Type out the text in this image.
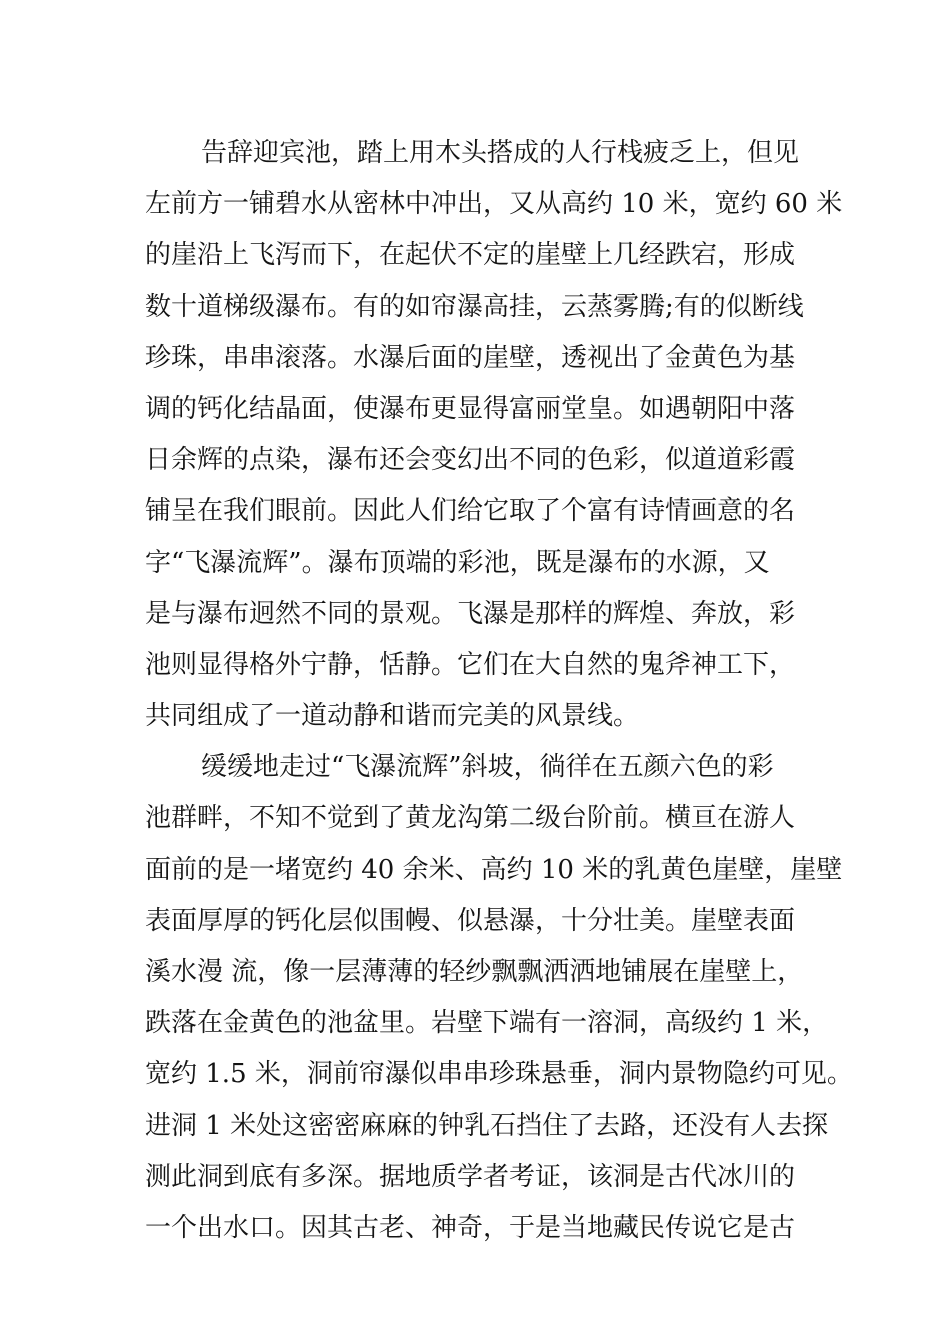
告辞迎宾池，踏上用木头搭成的人行栈疲乏上，但见
左前方一铺碧水从密林中冲出，又从高约 10 米，宽约 60 米
的崖沿上飞泻而下，在起伏不定的崖壁上几经跌宕，形成
数十道梯级瀑布。有的如帘瀑高挂，云蒸雾腾;有的似断线
珍珠，串串滚落。水瀑后面的崖壁，透视出了金黄色为基
调的钙化结晶面，使瀑布更显得富丽堂皇。如遇朝阳中落
日余辉的点染，瀑布还会变幻出不同的色彩，似道道彩霞
铺呈在我们眼前。因此人们给它取了个富有诗情画意的名
字“飞瀑流辉”。瀑布顶端的彩池，既是瀑布的水源，又
是与瀑布迥然不同的景观。飞瀑是那样的辉煌、奔放，彩
池则显得格外宁静，恬静。它们在大自然的鬼斧神工下，
共同组成了一道动静和谐而完美的风景线。
缓缓地走过“飞瀑流辉”斜坡，徜徉在五颜六色的彩
池群畔，不知不觉到了黄龙沟第二级台阶前。横亘在游人
面前的是一堵宽约 40 余米、高约 10 米的乳黄色崖壁，崖壁
表面厚厚的钙化层似围幔、似悬瀑，十分壮美。崖壁表面
溪水漫 流，像一层薄薄的轻纱飘飘洒洒地铺展在崖壁上，
跌落在金黄色的池盆里。岩壁下端有一溶洞，高级约 1 米，
宽约 1.5 米，洞前帘瀑似串串珍珠悬垂，洞内景物隐约可见。
进洞 1 米处这密密麻麻的钟乳石挡住了去路，还没有人去探
测此洞到底有多深。据地质学者考证，该洞是古代冰川的
一个出水口。因其古老、神奇，于是当地藏民传说它是古
